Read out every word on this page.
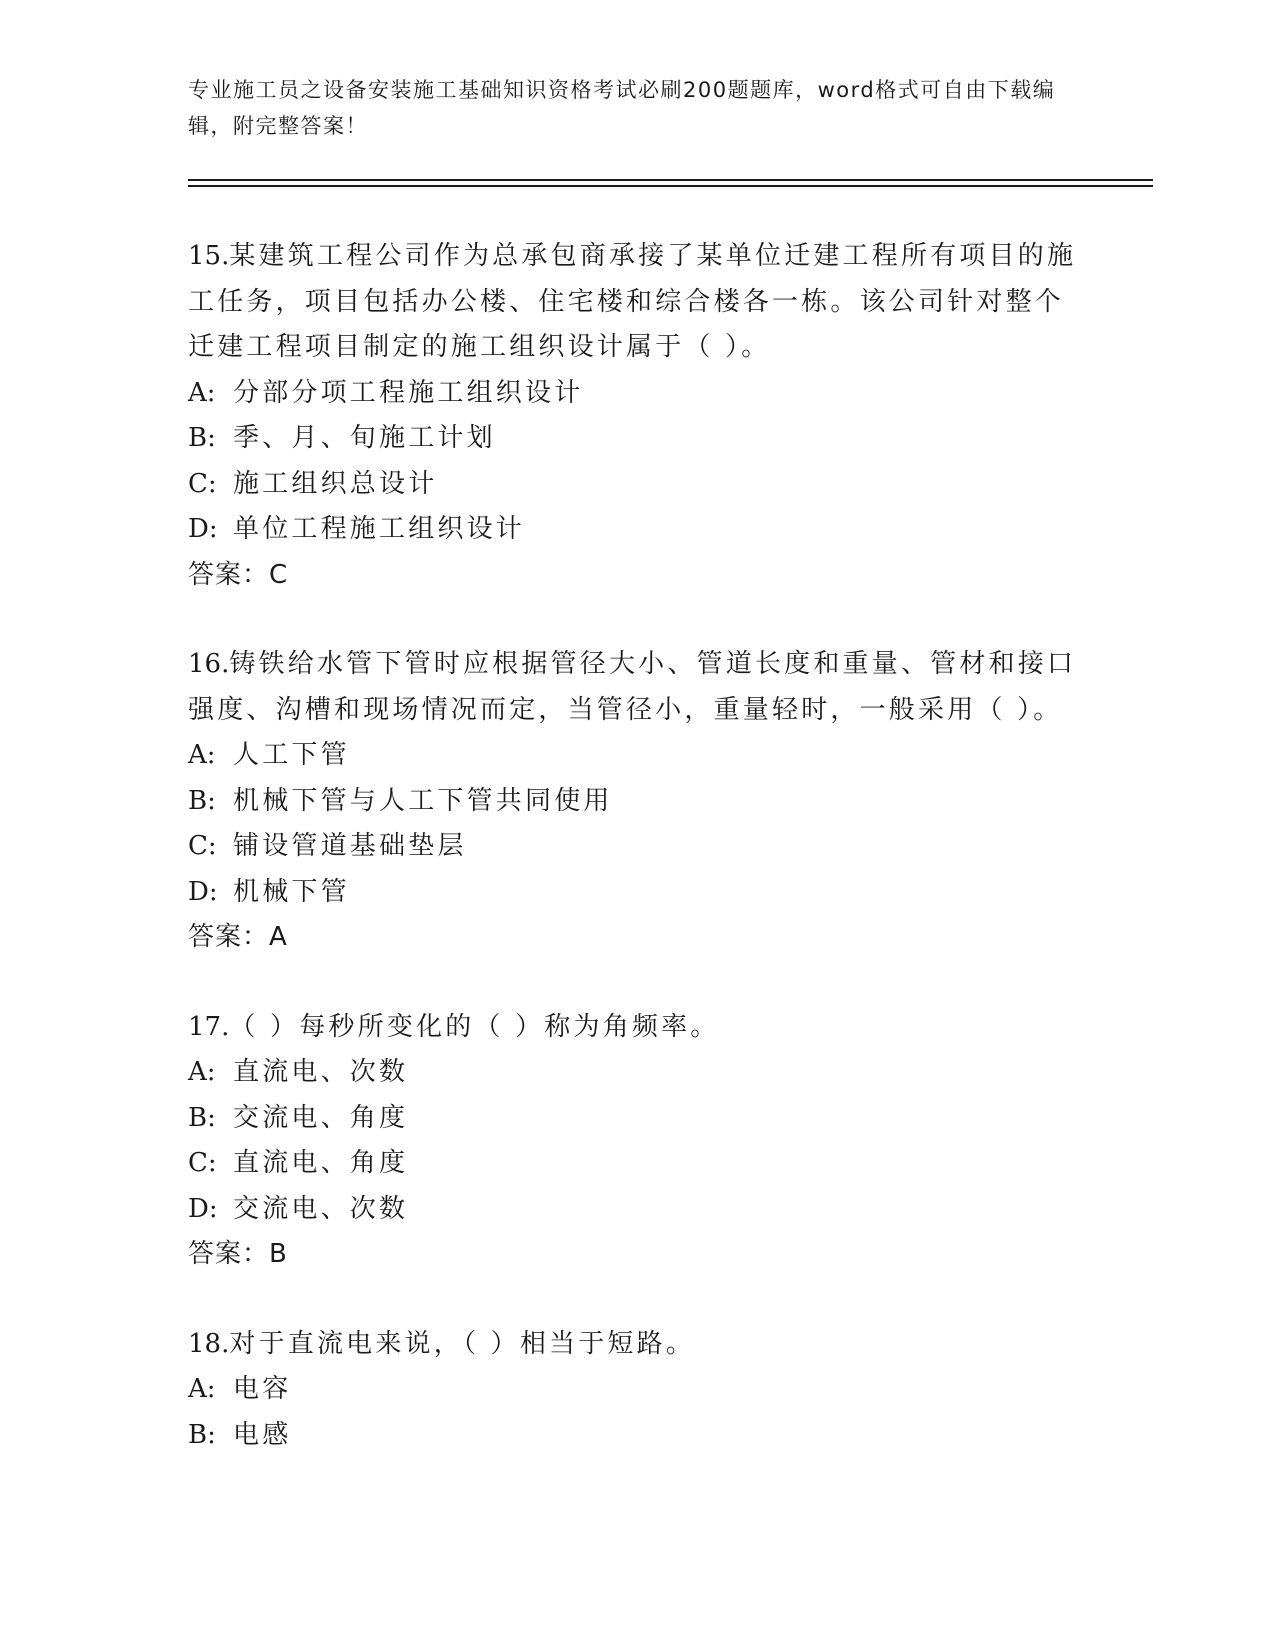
专业施工员之设备安装施工基础知识资格考试必刷200题题库，word格式可自由下载编辑，附完整答案！
15.某建筑工程公司作为总承包商承接了某单位迁建工程所有项目的施工任务，项目包括办公楼、住宅楼和综合楼各一栋。该公司针对整个迁建工程项目制定的施工组织设计属于（ ）。
A: 分部分项工程施工组织设计
B: 季、月、旬施工计划
C: 施工组织总设计
D: 单位工程施工组织设计
答案：C
16.铸铁给水管下管时应根据管径大小、管道长度和重量、管材和接口强度、沟槽和现场情况而定，当管径小，重量轻时，一般采用（ ）。
A: 人工下管
B: 机械下管与人工下管共同使用
C: 铺设管道基础垫层
D: 机械下管
答案：A
17.（ ）每秒所变化的（ ）称为角频率。
A: 直流电、次数
B: 交流电、角度
C: 直流电、角度
D: 交流电、次数
答案：B
18.对于直流电来说，（ ）相当于短路。
A: 电容
B: 电感
